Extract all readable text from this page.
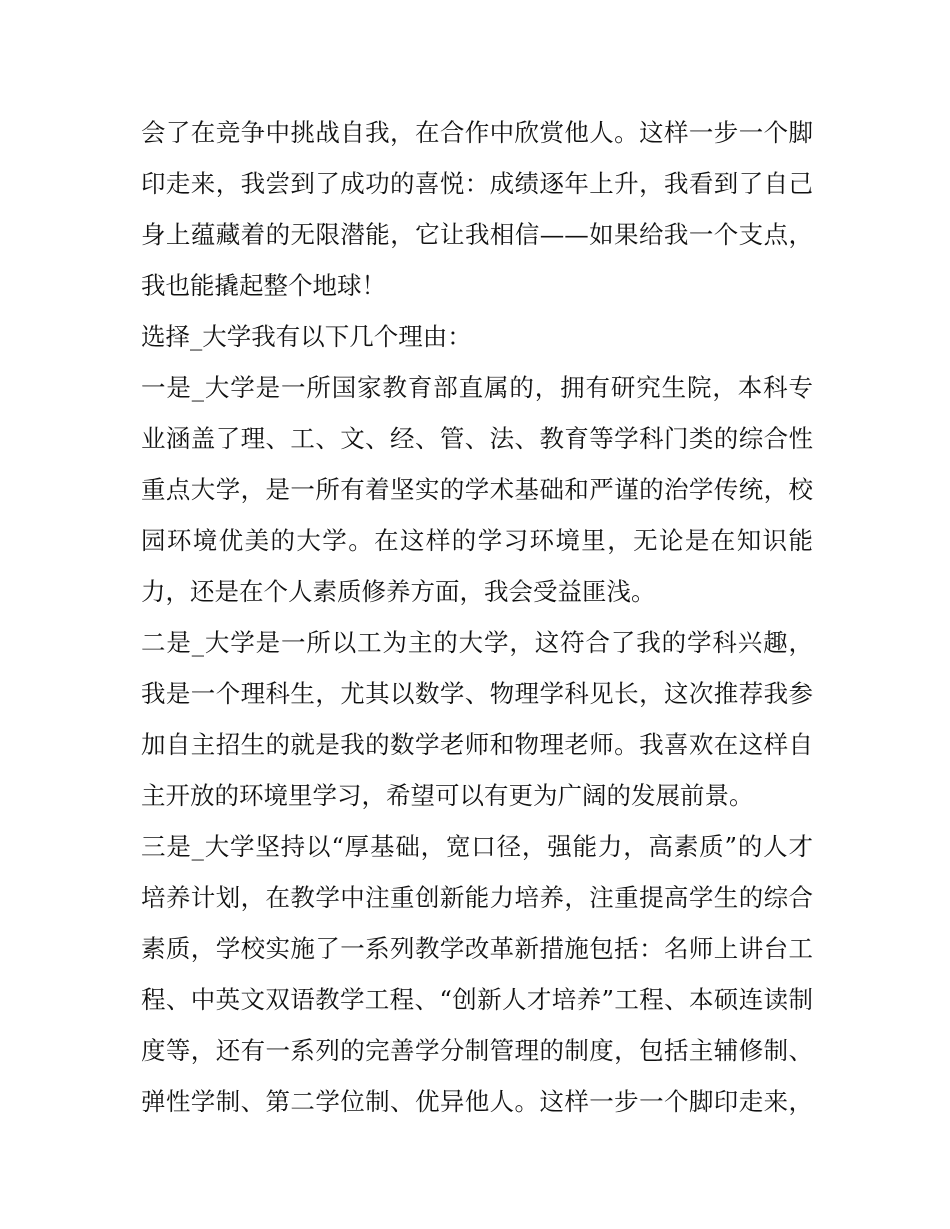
会了在竞争中挑战自我，在合作中欣赏他人。这样一步一个脚
印走来，我尝到了成功的喜悦：成绩逐年上升，我看到了自己
身上蕴藏着的无限潜能，它让我相信——如果给我一个支点，
我也能撬起整个地球！
选择_大学我有以下几个理由：
一是_大学是一所国家教育部直属的，拥有研究生院，本科专
业涵盖了理、工、文、经、管、法、教育等学科门类的综合性
重点大学，是一所有着坚实的学术基础和严谨的治学传统，校
园环境优美的大学。在这样的学习环境里，无论是在知识能
力，还是在个人素质修养方面，我会受益匪浅。
二是_大学是一所以工为主的大学，这符合了我的学科兴趣，
我是一个理科生，尤其以数学、物理学科见长，这次推荐我参
加自主招生的就是我的数学老师和物理老师。我喜欢在这样自
主开放的环境里学习，希望可以有更为广阔的发展前景。
三是_大学坚持以“厚基础，宽口径，强能力，高素质”的人才
培养计划，在教学中注重创新能力培养，注重提高学生的综合
素质，学校实施了一系列教学改革新措施包括：名师上讲台工
程、中英文双语教学工程、“创新人才培养”工程、本硕连读制
度等，还有一系列的完善学分制管理的制度，包括主辅修制、
弹性学制、第二学位制、优异他人。这样一步一个脚印走来，
